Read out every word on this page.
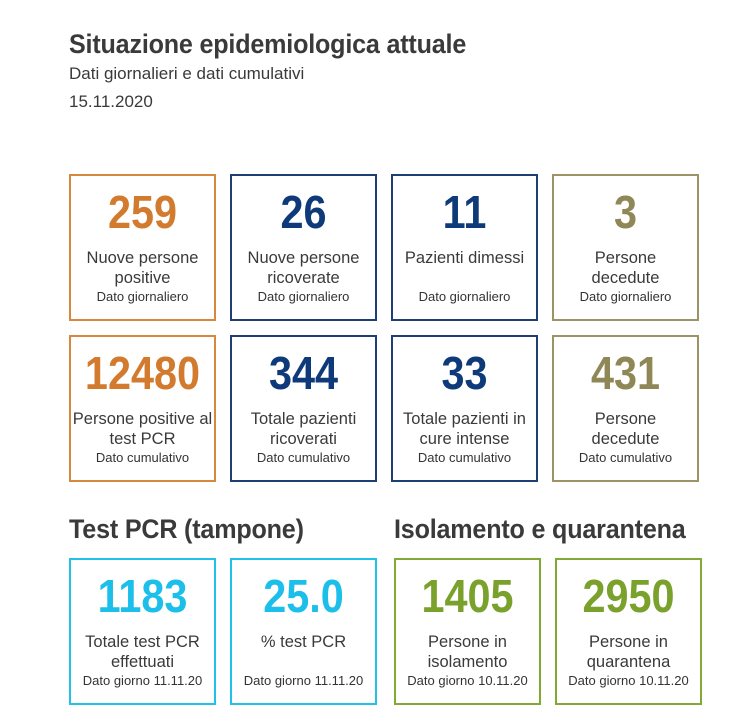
Situazione epidemiologica attuale
Dati giornalieri e dati cumulativi
15.11.2020
259
Nuove persone positive
Dato giornaliero
26
Nuove persone ricoverate
Dato giornaliero
11
Pazienti dimessi
Dato giornaliero
3
Persone decedute
Dato giornaliero
12480
Persone positive al test PCR
Dato cumulativo
344
Totale pazienti ricoverati
Dato cumulativo
33
Totale pazienti in cure intense
Dato cumulativo
431
Persone decedute
Dato cumulativo
Test PCR (tampone)	Isolamento e quarantena
1183
Totale test PCR effettuati
Dato giorno 11.11.20
25.0
% test PCR
Dato giorno 11.11.20
1405
Persone in isolamento
Dato giorno 10.11.20
2950
Persone in quarantena
Dato giorno 10.11.20
